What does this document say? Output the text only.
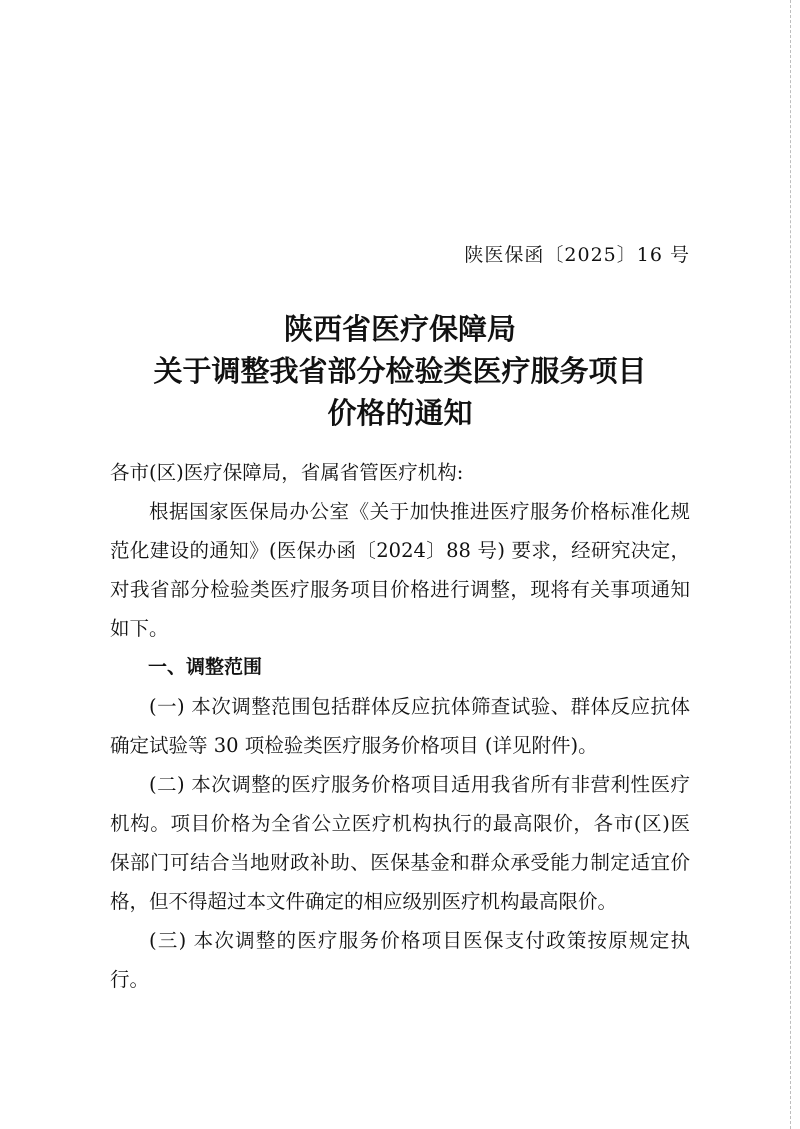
陕医保函〔2025〕16 号
陕西省医疗保障局
关于调整我省部分检验类医疗服务项目
价格的通知

各市(区)医疗保障局，省属省管医疗机构:

根据国家医保局办公室《关于加快推进医疗服务价格标准化规范化建设的通知》(医保办函〔2024〕88 号) 要求，经研究决定，对我省部分检验类医疗服务项目价格进行调整，现将有关事项通知如下。

一、调整范围

(一) 本次调整范围包括群体反应抗体筛查试验、群体反应抗体确定试验等 30 项检验类医疗服务价格项目 (详见附件)。

(二) 本次调整的医疗服务价格项目适用我省所有非营利性医疗机构。项目价格为全省公立医疗机构执行的最高限价，各市(区)医保部门可结合当地财政补助、医保基金和群众承受能力制定适宜价格，但不得超过本文件确定的相应级别医疗机构最高限价。

(三) 本次调整的医疗服务价格项目医保支付政策按原规定执行。
